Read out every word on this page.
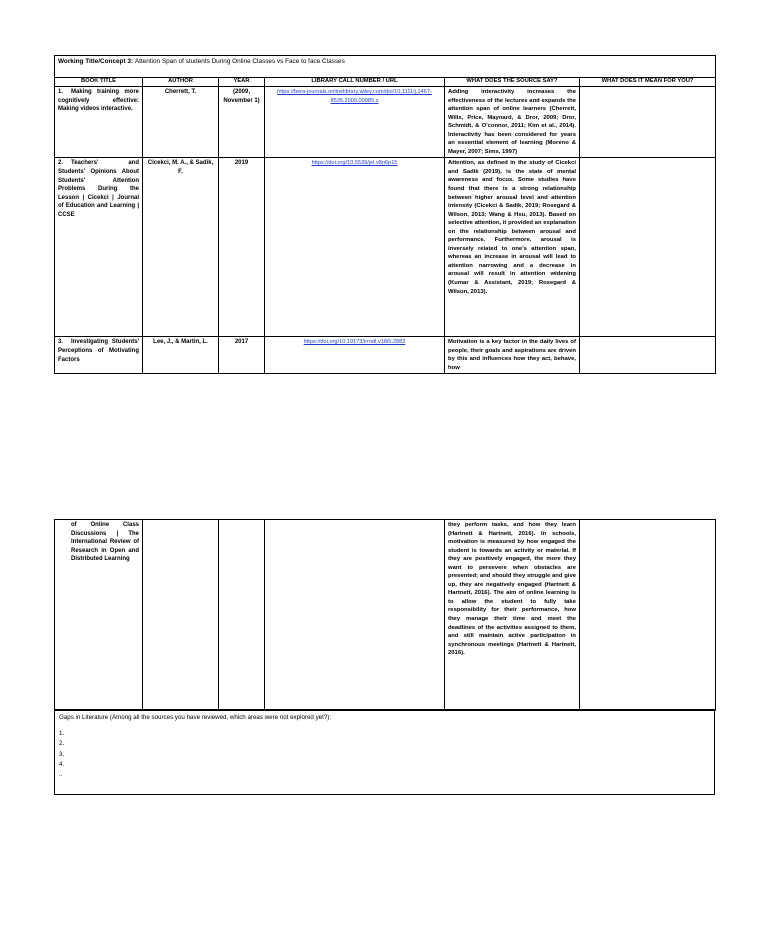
Working Title/Concept 3: Attention Span of students During Online Classes vs Face to face Classes					
BOOK TITLE	AUTHOR	YEAR	LIBRARY CALL NUMBER / URL	WHAT DOES THE SOURCE SAY?	WHAT DOES IT MEAN FOR YOU?
1. Making training more cognitively effective: Making videos interactive.	Cherrett, T.	(2009, November 1)	https://bera-journals.onlinelibrary.wiley.com/doi/10.1111/j.1467-8535.2009.00985.x	Adding interactivity increases the effectiveness of the lectures and expands the attention span of online learners (Cherrett, Wills, Price, Maynard, & Dror, 2009; Dror, Schmidt, & O'connor, 2011; Kim et al., 2014). Interactivity has been considered for years an essential element of learning (Moreno & Mayer, 2007; Sims, 1997)	
2. Teachers' and Students' Opinions About Students' Attention Problems During the Lesson | Cicekci | Journal of Education and Learning | CCSE	Cicekci, M. A., & Sadik, F.	2019	https://doi.org/10.5539/jel.v8n6p15	Attention, as defined in the study of Cicekci and Sadik (2019), is the state of mental awareness and focus. Some studies have found that there is a strong relationship between higher arousal level and attention intensity (Cicekci & Sadik, 2019; Rosegard & Wilson, 2013; Wang & Hsu, 2013). Based on selective attention, it provided an explanation on the relationship between arousal and performance. Furthermore, arousal is inversely related to one's attention span, whereas an increase in arousal will lead to attention narrowing and a decrease in arousal will result in attention widening (Kumar & Assistant, 2019; Rosegard & Wilson, 2013).	

3. Investigating Students' Perceptions of Motivating Factors	Lee, J., & Martin, L.	2017	https://doi.org/10.19173/irrodl.v18i5.2883	Motivation is a key factor in the daily lives of people, their goals and aspirations are driven by this and influences how they act, behave, how	

of Online Class Discussions | The International Review of Research in Open and Distributed Learning				they perform tasks, and how they learn (Hartnett & Hartnett, 2016). In schools, motivation is measured by how engaged the student is towards an activity or material. If they are positively engaged, the more they want to persevere when obstacles are presented; and should they struggle and give up, they are negatively engaged (Hartnett & Hartnett, 2016). The aim of online learning is to allow the student to fully take responsibility for their performance, how they manage their time and meet the deadlines of the activities assigned to them, and still maintain active participation in synchronous meetings (Hartnett & Hartnett, 2016).	
Gaps in Literature (Among all the sources you have reviewed, which areas were not explored yet?):
1.
2.
3.
4.
..
